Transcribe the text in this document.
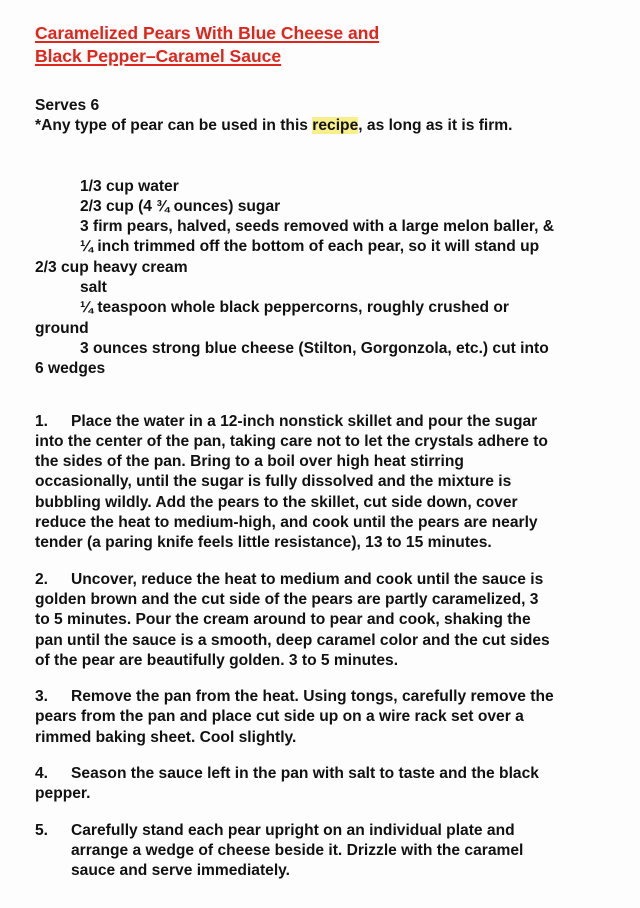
Caramelized Pears With Blue Cheese and
Black Pepper–Caramel Sauce
Serves 6
*Any type of pear can be used in this recipe, as long as it is firm.
1/3 cup water
2/3 cup (4 ¾ ounces) sugar
3 firm pears, halved, seeds removed with a large melon baller, &
¼ inch trimmed off the bottom of each pear, so it will stand up
2/3 cup heavy cream
salt
¼ teaspoon whole black peppercorns, roughly crushed or
ground
3 ounces strong blue cheese (Stilton, Gorgonzola, etc.) cut into
6 wedges
1. Place the water in a 12-inch nonstick skillet and pour the sugar
into the center of the pan, taking care not to let the crystals adhere to
the sides of the pan. Bring to a boil over high heat stirring
occasionally, until the sugar is fully dissolved and the mixture is
bubbling wildly. Add the pears to the skillet, cut side down, cover
reduce the heat to medium-high, and cook until the pears are nearly
tender (a paring knife feels little resistance), 13 to 15 minutes.
2. Uncover, reduce the heat to medium and cook until the sauce is
golden brown and the cut side of the pears are partly caramelized, 3
to 5 minutes. Pour the cream around to pear and cook, shaking the
pan until the sauce is a smooth, deep caramel color and the cut sides
of the pear are beautifully golden. 3 to 5 minutes.
3. Remove the pan from the heat. Using tongs, carefully remove the
pears from the pan and place cut side up on a wire rack set over a
rimmed baking sheet. Cool slightly.
4. Season the sauce left in the pan with salt to taste and the black
pepper.
5. Carefully stand each pear upright on an individual plate and
arrange a wedge of cheese beside it. Drizzle with the caramel
sauce and serve immediately.
